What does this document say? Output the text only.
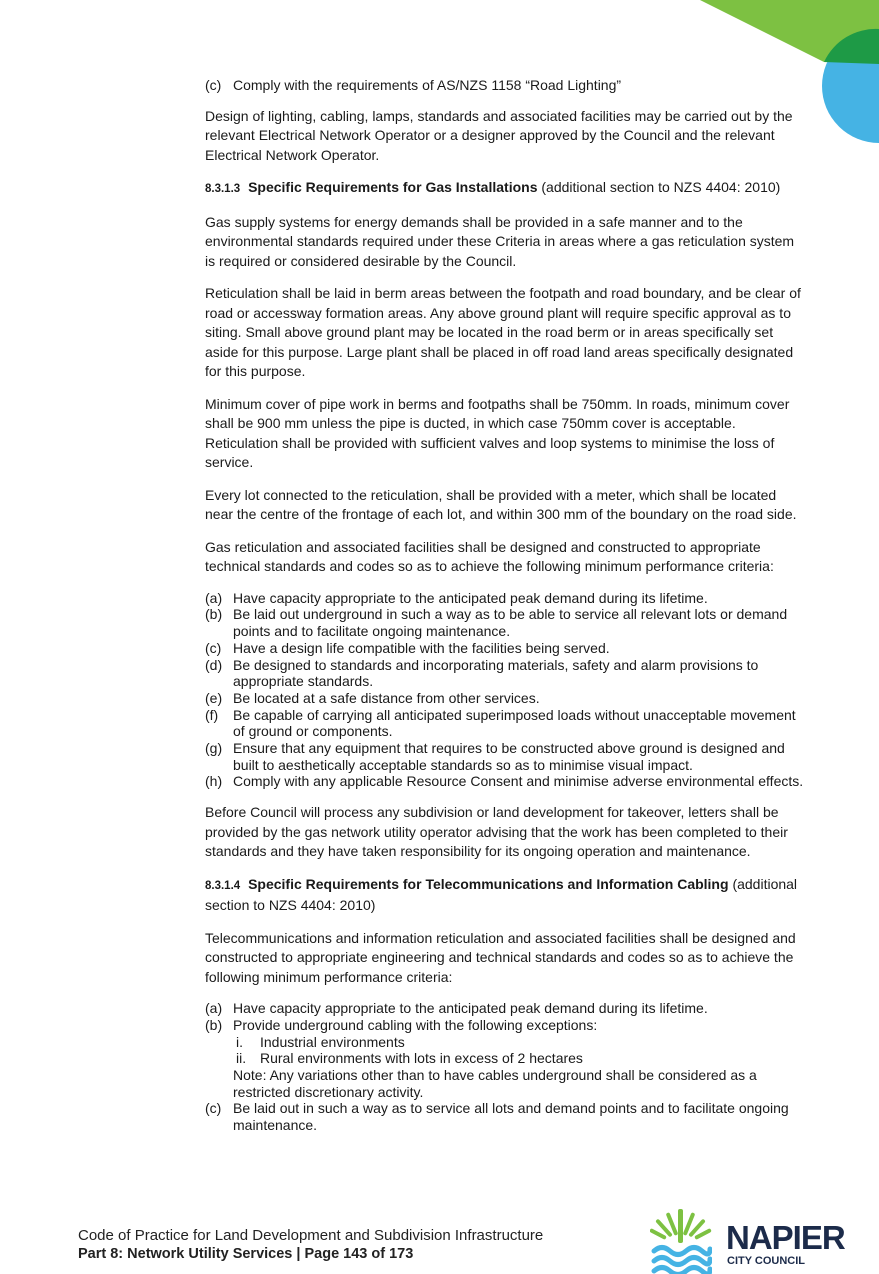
(c) Comply with the requirements of AS/NZS 1158 “Road Lighting”

Design of lighting, cabling, lamps, standards and associated facilities may be carried out by the relevant Electrical Network Operator or a designer approved by the Council and the relevant Electrical Network Operator.

8.3.1.3 Specific Requirements for Gas Installations (additional section to NZS 4404: 2010)

Gas supply systems for energy demands shall be provided in a safe manner and to the environmental standards required under these Criteria in areas where a gas reticulation system is required or considered desirable by the Council.

Reticulation shall be laid in berm areas between the footpath and road boundary, and be clear of road or accessway formation areas. Any above ground plant will require specific approval as to siting. Small above ground plant may be located in the road berm or in areas specifically set aside for this purpose. Large plant shall be placed in off road land areas specifically designated for this purpose.

Minimum cover of pipe work in berms and footpaths shall be 750mm. In roads, minimum cover shall be 900 mm unless the pipe is ducted, in which case 750mm cover is acceptable. Reticulation shall be provided with sufficient valves and loop systems to minimise the loss of service.

Every lot connected to the reticulation, shall be provided with a meter, which shall be located near the centre of the frontage of each lot, and within 300 mm of the boundary on the road side.

Gas reticulation and associated facilities shall be designed and constructed to appropriate technical standards and codes so as to achieve the following minimum performance criteria:

(a) Have capacity appropriate to the anticipated peak demand during its lifetime.
(b) Be laid out underground in such a way as to be able to service all relevant lots or demand points and to facilitate ongoing maintenance.
(c) Have a design life compatible with the facilities being served.
(d) Be designed to standards and incorporating materials, safety and alarm provisions to appropriate standards.
(e) Be located at a safe distance from other services.
(f) Be capable of carrying all anticipated superimposed loads without unacceptable movement of ground or components.
(g) Ensure that any equipment that requires to be constructed above ground is designed and built to aesthetically acceptable standards so as to minimise visual impact.
(h) Comply with any applicable Resource Consent and minimise adverse environmental effects.

Before Council will process any subdivision or land development for takeover, letters shall be provided by the gas network utility operator advising that the work has been completed to their standards and they have taken responsibility for its ongoing operation and maintenance.

8.3.1.4 Specific Requirements for Telecommunications and Information Cabling (additional section to NZS 4404: 2010)

Telecommunications and information reticulation and associated facilities shall be designed and constructed to appropriate engineering and technical standards and codes so as to achieve the following minimum performance criteria:

(a) Have capacity appropriate to the anticipated peak demand during its lifetime.
(b) Provide underground cabling with the following exceptions:
i. Industrial environments
ii. Rural environments with lots in excess of 2 hectares
Note: Any variations other than to have cables underground shall be considered as a restricted discretionary activity.
(c) Be laid out in such a way as to service all lots and demand points and to facilitate ongoing maintenance.
Code of Practice for Land Development and Subdivision Infrastructure
Part 8: Network Utility Services | Page 143 of 173	NAPIER
CITY COUNCIL
